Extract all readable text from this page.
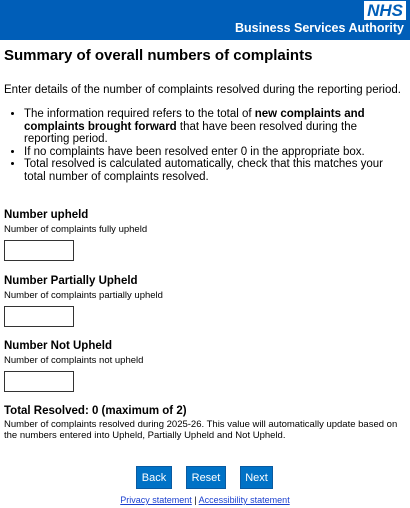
NHS
Business Services Authority
Summary of overall numbers of complaints
Enter details of the number of complaints resolved during the reporting period.
• The information required refers to the total of new complaints and complaints brought forward that have been resolved during the reporting period.
• If no complaints have been resolved enter 0 in the appropriate box.
• Total resolved is calculated automatically, check that this matches your total number of complaints resolved.
Number upheld
Number of complaints fully upheld
Number Partially Upheld
Number of complaints partially upheld
Number Not Upheld
Number of complaints not upheld
Total Resolved: 0 (maximum of 2)
Number of complaints resolved during 2025-26. This value will automatically update based on the numbers entered into Upheld, Partially Upheld and Not Upheld.
Back	Reset	Next
Privacy statement | Accessibility statement
